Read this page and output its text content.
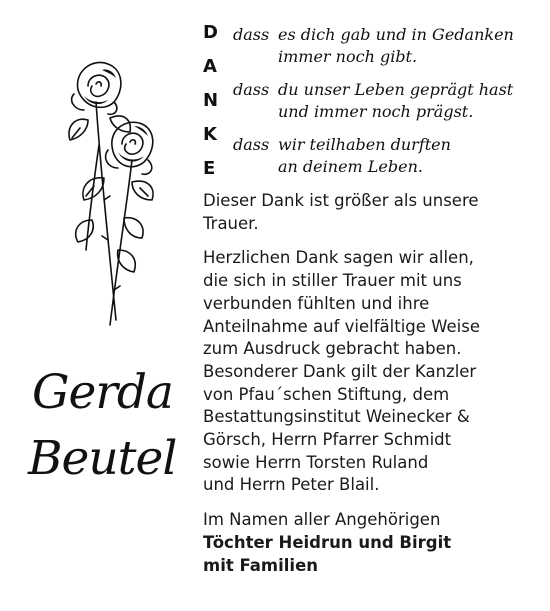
Gerda
Beutel
D
A
N
K
E
dass es dich gab und in Gedanken
immer noch gibt.
dass du unser Leben geprägt hast
und immer noch prägst.
dass wir teilhaben durften
an deinem Leben.

Dieser Dank ist größer als unsere
Trauer.

Herzlichen Dank sagen wir allen,
die sich in stiller Trauer mit uns
verbunden fühlten und ihre
Anteilnahme auf vielfältige Weise
zum Ausdruck gebracht haben.
Besonderer Dank gilt der Kanzler
von Pfau´schen Stiftung, dem
Bestattungsinstitut Weinecker &
Görsch, Herrn Pfarrer Schmidt
sowie Herrn Torsten Ruland
und Herrn Peter Blail.

Im Namen aller Angehörigen
Töchter Heidrun und Birgit
mit Familien
